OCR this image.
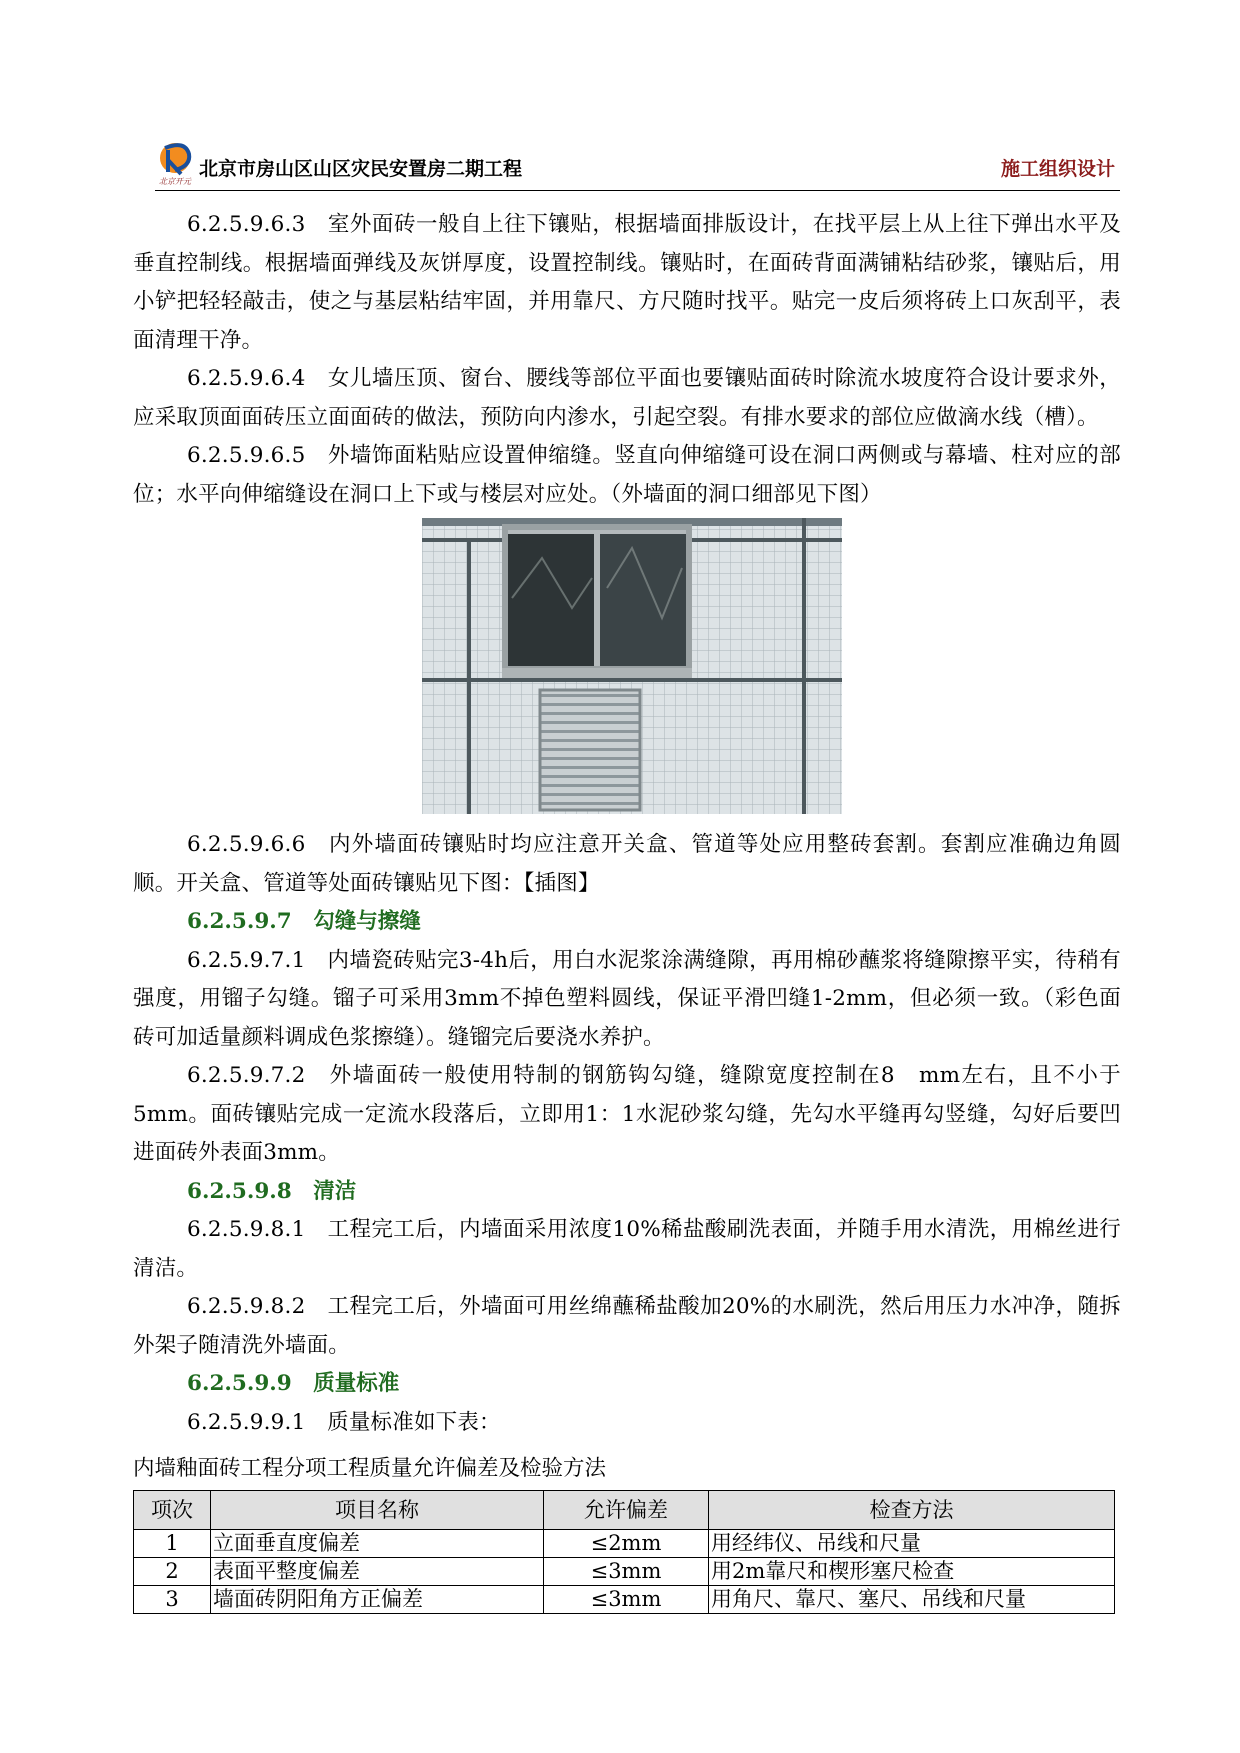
北京开元
北京市房山区山区灾民安置房二期工程	施工组织设计

6.2.5.9.6.3　室外面砖一般自上往下镶贴，根据墙面排版设计，在找平层上从上往下弹出水平及垂直控制线。根据墙面弹线及灰饼厚度，设置控制线。镶贴时，在面砖背面满铺粘结砂浆，镶贴后，用小铲把轻轻敲击，使之与基层粘结牢固，并用靠尺、方尺随时找平。贴完一皮后须将砖上口灰刮平，表面清理干净。

6.2.5.9.6.4　女儿墙压顶、窗台、腰线等部位平面也要镶贴面砖时除流水坡度符合设计要求外，应采取顶面面砖压立面面砖的做法，预防向内渗水，引起空裂。有排水要求的部位应做滴水线（槽）。

6.2.5.9.6.5　外墙饰面粘贴应设置伸缩缝。竖直向伸缩缝可设在洞口两侧或与幕墙、柱对应的部位；水平向伸缩缝设在洞口上下或与楼层对应处。（外墙面的洞口细部见下图）

6.2.5.9.6.6　内外墙面砖镶贴时均应注意开关盒、管道等处应用整砖套割。套割应准确边角圆顺。开关盒、管道等处面砖镶贴见下图：【插图】

6.2.5.9.7　勾缝与擦缝

6.2.5.9.7.1　内墙瓷砖贴完3-4h后，用白水泥浆涂满缝隙，再用棉砂蘸浆将缝隙擦平实，待稍有强度，用镏子勾缝。镏子可采用3mm不掉色塑料圆线，保证平滑凹缝1-2mm，但必须一致。（彩色面砖可加适量颜料调成色浆擦缝）。缝镏完后要浇水养护。

6.2.5.9.7.2　外墙面砖一般使用特制的钢筋钩勾缝，缝隙宽度控制在8　mm左右，且不小于5mm。面砖镶贴完成一定流水段落后，立即用1：1水泥砂浆勾缝，先勾水平缝再勾竖缝，勾好后要凹进面砖外表面3mm。

6.2.5.9.8　清洁

6.2.5.9.8.1　工程完工后，内墙面采用浓度10%稀盐酸刷洗表面，并随手用水清洗，用棉丝进行清洁。

6.2.5.9.8.2　工程完工后，外墙面可用丝绵蘸稀盐酸加20%的水刷洗，然后用压力水冲净，随拆外架子随清洗外墙面。

6.2.5.9.9　质量标准

6.2.5.9.9.1　质量标准如下表：

内墙釉面砖工程分项工程质量允许偏差及检验方法
项次	项目名称	允许偏差	检查方法
1	立面垂直度偏差	≤2mm	用经纬仪、吊线和尺量
2	表面平整度偏差	≤3mm	用2m靠尺和楔形塞尺检查
3	墙面砖阴阳角方正偏差	≤3mm	用角尺、靠尺、塞尺、吊线和尺量
